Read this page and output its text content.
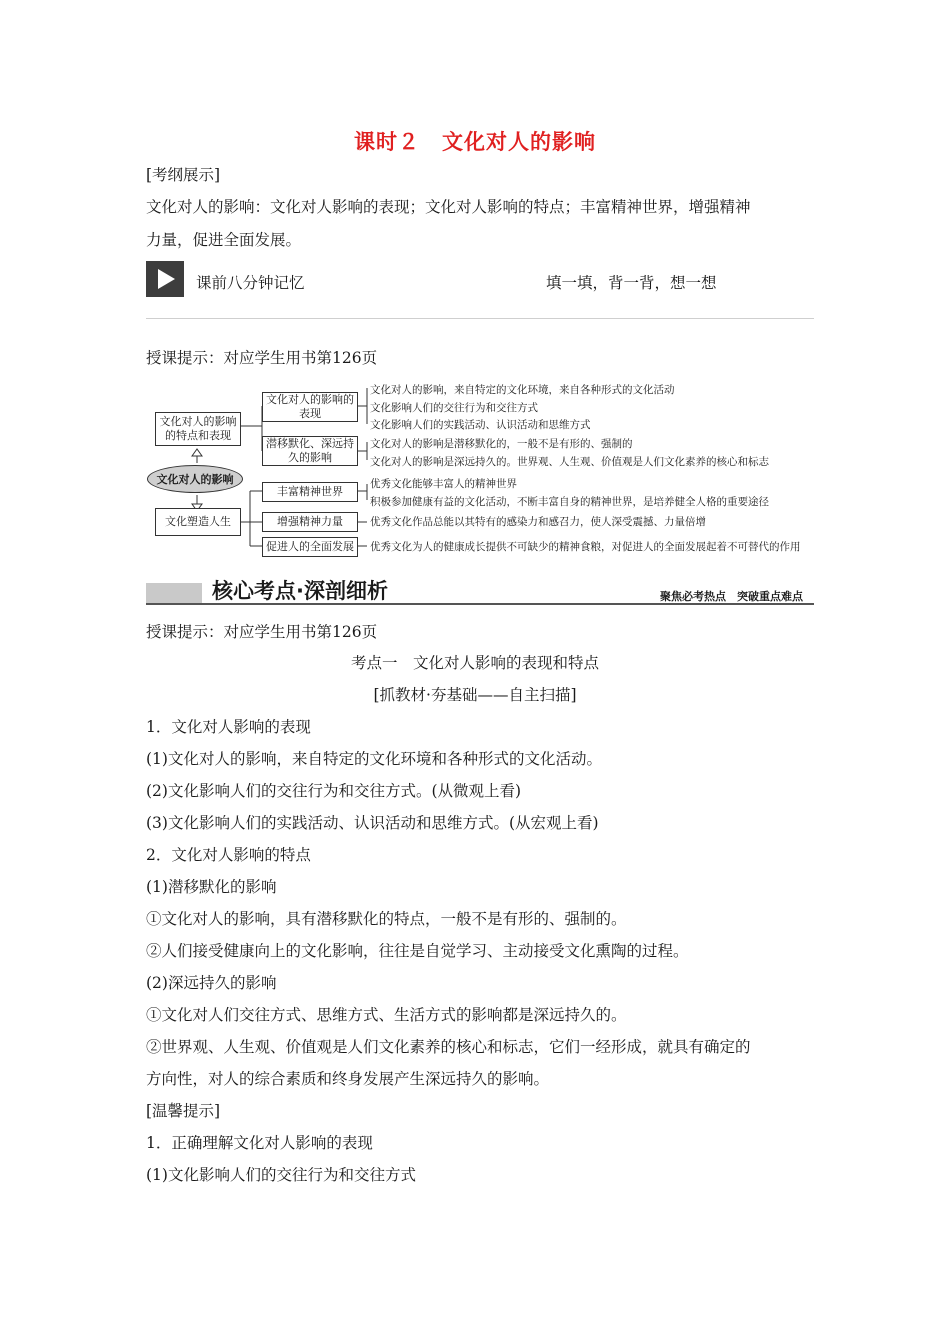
课时２　文化对人的影响
[考纲展示]
文化对人的影响：文化对人影响的表现；文化对人影响的特点；丰富精神世界，增强精神
力量，促进全面发展。
课前八分钟记忆	填一填，背一背，想一想
授课提示：对应学生用书第126页
文化对人的影响的特点和表现
文化对人的影响
文化塑造人生
文化对人的影响的表现
潜移默化、深远持久的影响
丰富精神世界
增强精神力量
促进人的全面发展
文化对人的影响，来自特定的文化环境，来自各种形式的文化活动
文化影响人们的交往行为和交往方式
文化影响人们的实践活动、认识活动和思维方式
文化对人的影响是潜移默化的，一般不是有形的、强制的
文化对人的影响是深远持久的。世界观、人生观、价值观是人们文化素养的核心和标志
优秀文化能够丰富人的精神世界
积极参加健康有益的文化活动，不断丰富自身的精神世界，是培养健全人格的重要途径
优秀文化作品总能以其特有的感染力和感召力，使人深受震撼、力量倍增
优秀文化为人的健康成长提供不可缺少的精神食粮，对促进人的全面发展起着不可替代的作用
核心考点·深剖细析	聚焦必考热点　突破重点难点
授课提示：对应学生用书第126页
考点一　文化对人影响的表现和特点
[抓教材·夯基础——自主扫描]
1．文化对人影响的表现
(1)文化对人的影响，来自特定的文化环境和各种形式的文化活动。
(2)文化影响人们的交往行为和交往方式。(从微观上看)
(3)文化影响人们的实践活动、认识活动和思维方式。(从宏观上看)
2．文化对人影响的特点
(1)潜移默化的影响
①文化对人的影响，具有潜移默化的特点，一般不是有形的、强制的。
②人们接受健康向上的文化影响，往往是自觉学习、主动接受文化熏陶的过程。
(2)深远持久的影响
①文化对人们交往方式、思维方式、生活方式的影响都是深远持久的。
②世界观、人生观、价值观是人们文化素养的核心和标志，它们一经形成，就具有确定的
方向性，对人的综合素质和终身发展产生深远持久的影响。
[温馨提示]
1．正确理解文化对人影响的表现
(1)文化影响人们的交往行为和交往方式
